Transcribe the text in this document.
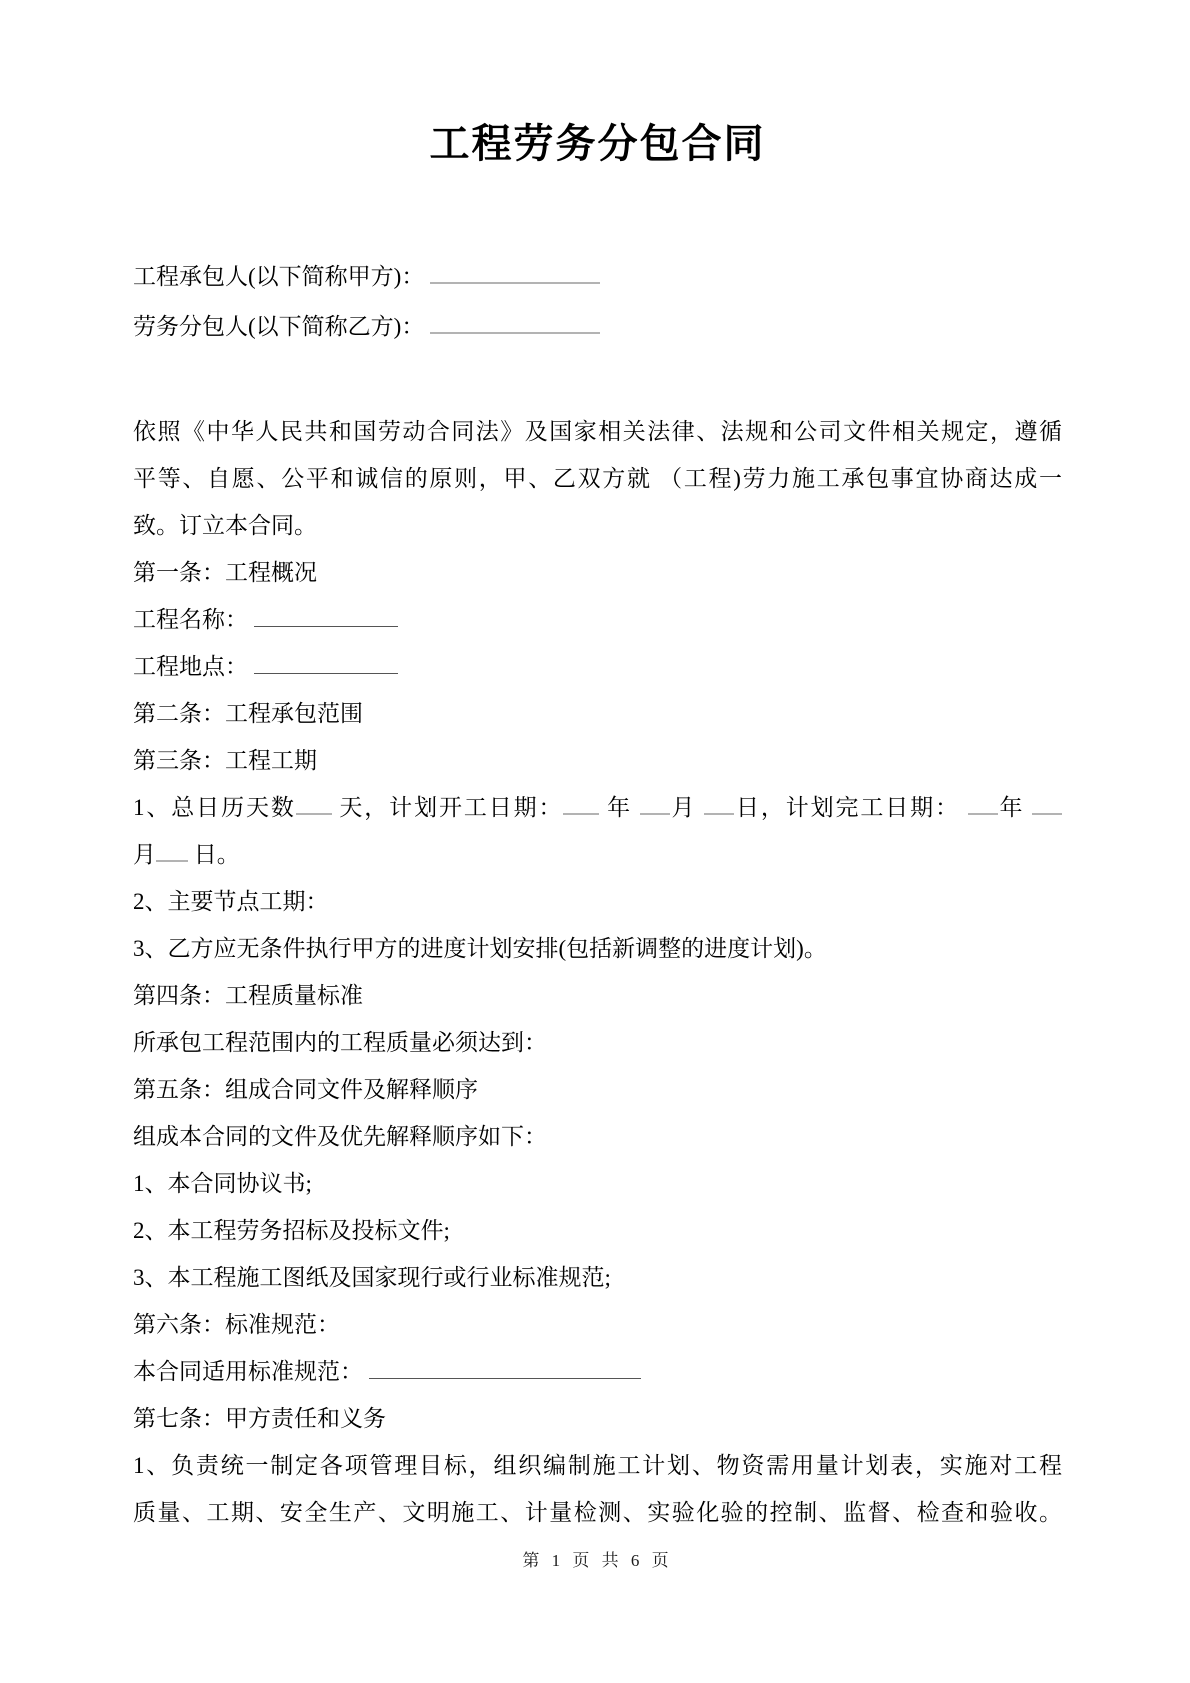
工程劳务分包合同
工程承包人(以下简称甲方)：
劳务分包人(以下简称乙方)：
依照《中华人民共和国劳动合同法》及国家相关法律、法规和公司文件相关规定，遵循
平等、自愿、公平和诚信的原则，甲、乙双方就 （工程)劳力施工承包事宜协商达成一
致。订立本合同。
第一条：工程概况
工程名称：
工程地点：
第二条：工程承包范围
第三条：工程工期
1、总日历天数 天，计划开工日期： 年 月 日，计划完工日期： 年
月 日。
2、主要节点工期：
3、乙方应无条件执行甲方的进度计划安排(包括新调整的进度计划)。
第四条：工程质量标准
所承包工程范围内的工程质量必须达到：
第五条：组成合同文件及解释顺序
组成本合同的文件及优先解释顺序如下：
1、本合同协议书;
2、本工程劳务招标及投标文件;
3、本工程施工图纸及国家现行或行业标准规范;
第六条：标准规范：
本合同适用标准规范：
第七条：甲方责任和义务
1、负责统一制定各项管理目标，组织编制施工计划、物资需用量计划表，实施对工程
质量、工期、安全生产、文明施工、计量检测、实验化验的控制、监督、检查和验收。
第 1 页 共 6 页
